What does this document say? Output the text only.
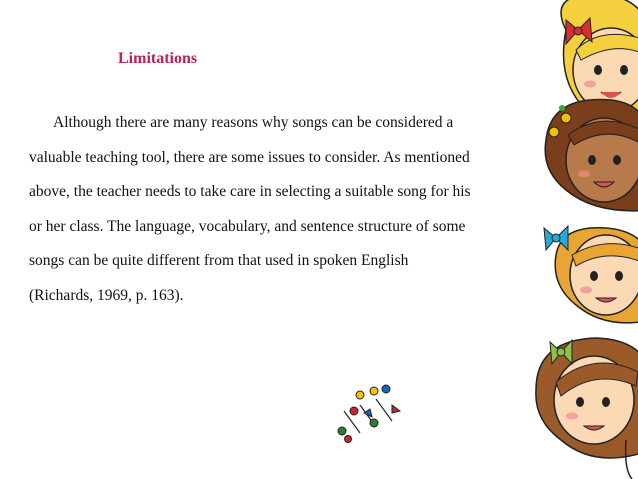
Limitations
Although there are many reasons why songs can be considered a
valuable teaching tool, there are some issues to consider. As mentioned
above, the teacher needs to take care in selecting a suitable song for his
or her class. The language, vocabulary, and sentence structure of some
songs can be quite different from that used in spoken English
(Richards, 1969, p. 163).
